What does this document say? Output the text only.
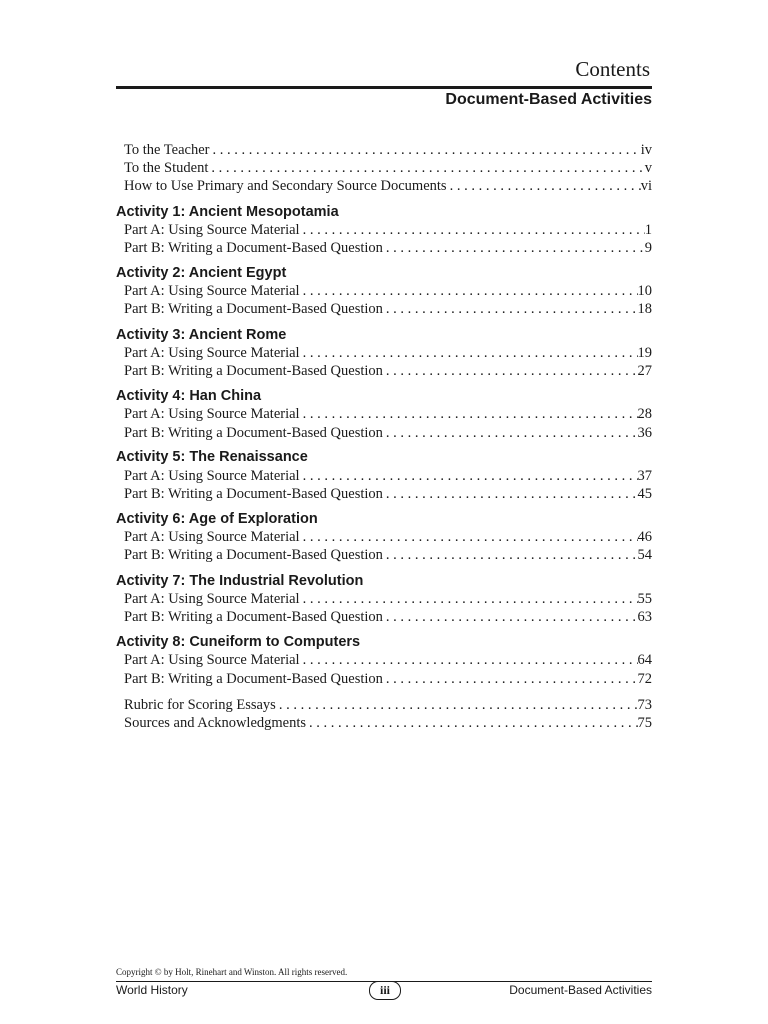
Contents
Document-Based Activities
To the Teacher . . .	iv
To the Student . . .	v
How to Use Primary and Secondary Source Documents . . .	vi
Activity 1: Ancient Mesopotamia
Part A: Using Source Material . . .	1
Part B: Writing a Document-Based Question . . .	9
Activity 2: Ancient Egypt
Part A: Using Source Material . . .	10
Part B: Writing a Document-Based Question . . .	18
Activity 3: Ancient Rome
Part A: Using Source Material . . .	19
Part B: Writing a Document-Based Question . . .	27
Activity 4: Han China
Part A: Using Source Material . . .	28
Part B: Writing a Document-Based Question . . .	36
Activity 5: The Renaissance
Part A: Using Source Material . . .	37
Part B: Writing a Document-Based Question . . .	45
Activity 6: Age of Exploration
Part A: Using Source Material . . .	46
Part B: Writing a Document-Based Question . . .	54
Activity 7: The Industrial Revolution
Part A: Using Source Material . . .	55
Part B: Writing a Document-Based Question . . .	63
Activity 8: Cuneiform to Computers
Part A: Using Source Material . . .	64
Part B: Writing a Document-Based Question . . .	72
Rubric for Scoring Essays . . .	73
Sources and Acknowledgments . . .	75
Copyright © by Holt, Rinehart and Winston. All rights reserved.
World History	iii	Document-Based Activities
